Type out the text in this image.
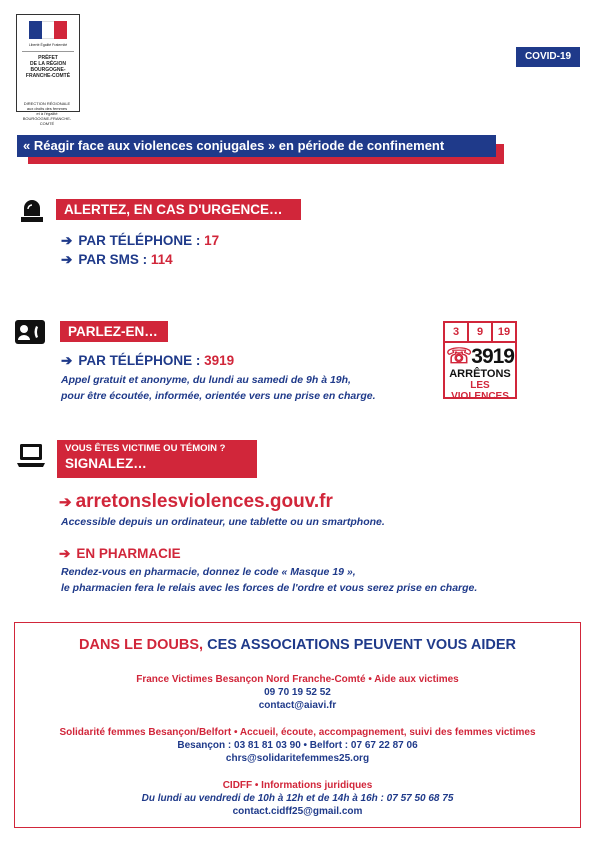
Liberté Égalité Fraternité
PRÉFET
DE LA RÉGION
BOURGOGNE-
FRANCHE-COMTÉ
DIRECTION RÉGIONALE
aux droits des femmes
et à l'égalité
BOURGOGNE-FRANCHE-COMTÉ
COVID-19
« Réagir face aux violences conjugales » en période de confinement
ALERTEZ, EN CAS D'URGENCE…
➔ PAR TÉLÉPHONE : 17
➔ PAR SMS : 114
PARLEZ-EN…
➔ PAR TÉLÉPHONE : 3919
Appel gratuit et anonyme, du lundi au samedi de 9h à 19h,
pour être écoutée, informée, orientée vers une prise en charge.
3	9	19
☏3919
ARRÊTONS
LES VIOLENCES
VOUS ÊTES VICTIME OU TÉMOIN ?
SIGNALEZ…
➔ arretonslesviolences.gouv.fr
Accessible depuis un ordinateur, une tablette ou un smartphone.
➔ EN PHARMACIE
Rendez-vous en pharmacie, donnez le code « Masque 19 »,
le pharmacien fera le relais avec les forces de l'ordre et vous serez prise en charge.
DANS LE DOUBS, CES ASSOCIATIONS PEUVENT VOUS AIDER
France Victimes Besançon Nord Franche-Comté • Aide aux victimes
09 70 19 52 52
contact@aiavi.fr
Solidarité femmes Besançon/Belfort • Accueil, écoute, accompagnement, suivi des femmes victimes
Besançon : 03 81 81 03 90 • Belfort : 07 67 22 87 06
chrs@solidaritefemmes25.org
CIDFF • Informations juridiques
Du lundi au vendredi de 10h à 12h et de 14h à 16h : 07 57 50 68 75
contact.cidff25@gmail.com
